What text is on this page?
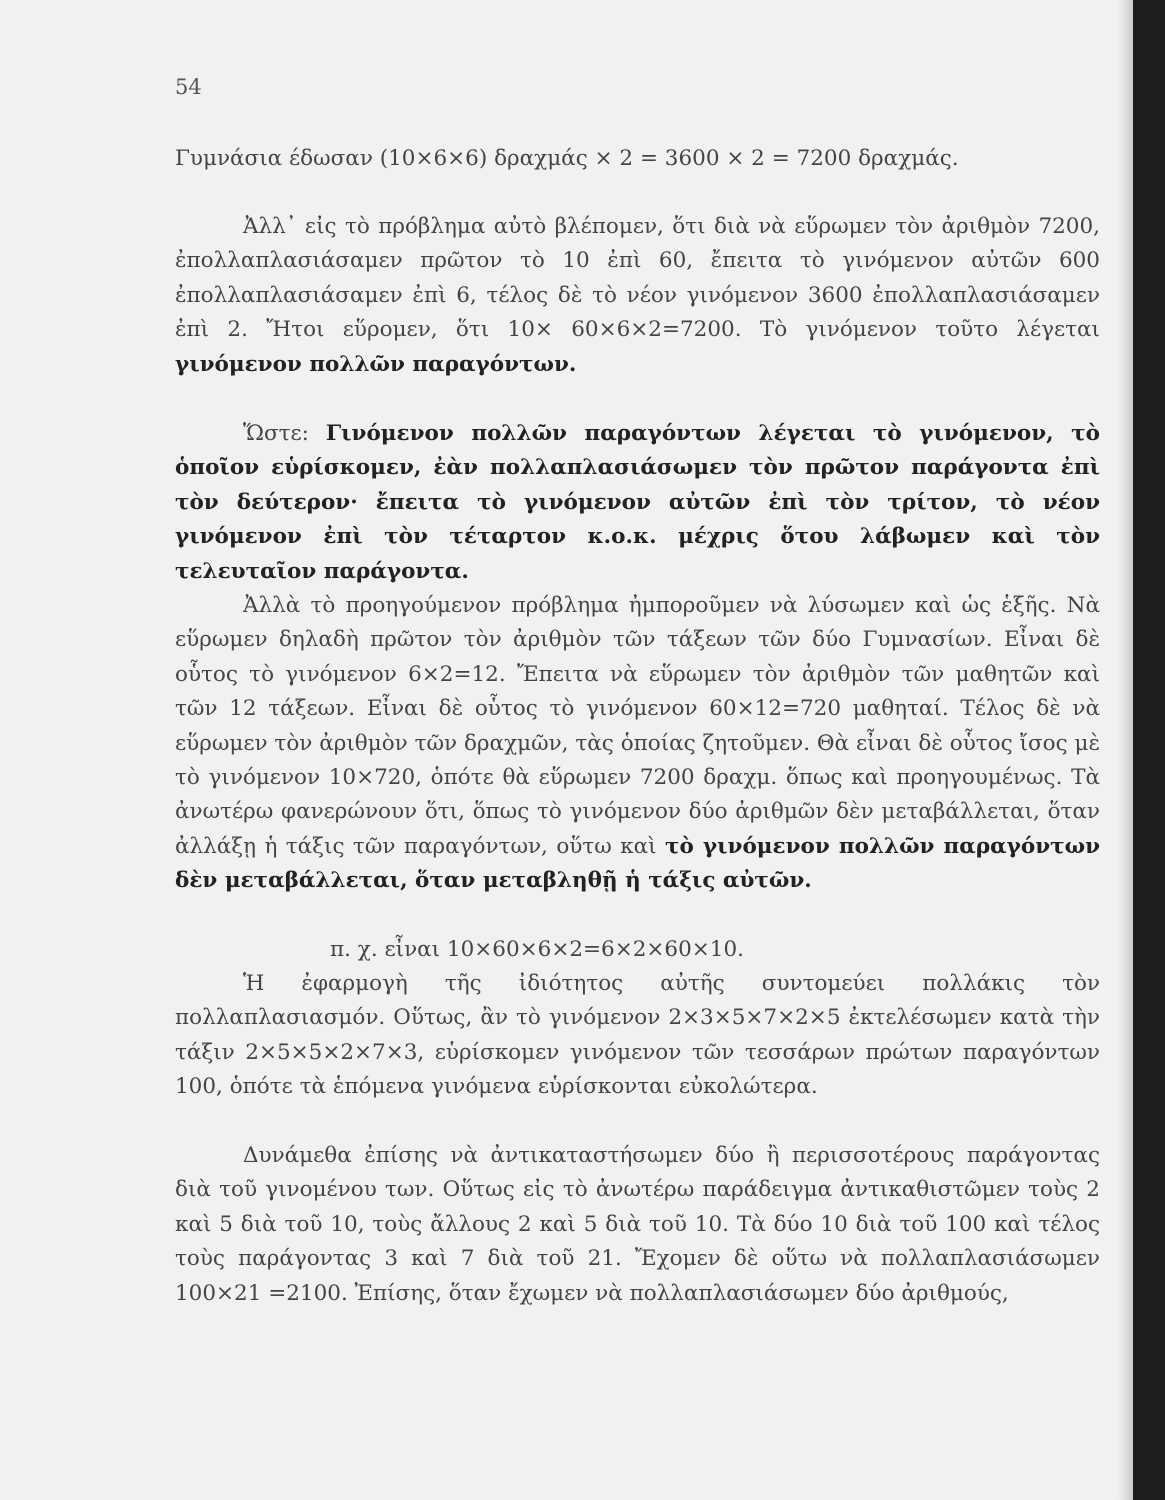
54

Γυμνάσια έδωσαν (10×6×6) δραχμάς × 2 = 3600 × 2 = 7200 δραχμάς.

Ἀλλ᾽ εἰς τὸ πρόβλημα αὐτὸ βλέπομεν, ὅτι διὰ νὰ εὕρωμεν τὸν ἀριθμὸν 7200, ἐπολλαπλασιάσαμεν πρῶτον τὸ 10 ἐπὶ 60, ἔπειτα τὸ γινόμενον αὐτῶν 600 ἐπολλαπλασιάσαμεν ἐπὶ 6, τέλος δὲ τὸ νέον γινόμενον 3600 ἐπολλαπλασιάσαμεν ἐπὶ 2. Ἤτοι εὕρομεν, ὅτι 10× 60×6×2=7200. Τὸ γινόμενον τοῦτο λέγεται γινόμενον πολλῶν παραγόντων.

Ὥστε: Γινόμενον πολλῶν παραγόντων λέγεται τὸ γινόμενον, τὸ ὁποῖον εὑρίσκομεν, ἐὰν πολλαπλασιάσωμεν τὸν πρῶτον παράγοντα ἐπὶ τὸν δεύτερον· ἔπειτα τὸ γινόμενον αὐτῶν ἐπὶ τὸν τρίτον, τὸ νέον γινόμενον ἐπὶ τὸν τέταρτον κ.ο.κ. μέχρις ὅτου λάβωμεν καὶ τὸν τελευταῖον παράγοντα.

Ἀλλὰ τὸ προηγούμενον πρόβλημα ἠμποροῦμεν νὰ λύσωμεν καὶ ὡς ἑξῆς. Νὰ εὕρωμεν δηλαδὴ πρῶτον τὸν ἀριθμὸν τῶν τάξεων τῶν δύο Γυμνασίων. Εἶναι δὲ οὗτος τὸ γινόμενον 6×2=12. Ἔπειτα νὰ εὕρωμεν τὸν ἀριθμὸν τῶν μαθητῶν καὶ τῶν 12 τάξεων. Εἶναι δὲ οὗτος τὸ γινόμενον 60×12=720 μαθηταί. Τέλος δὲ νὰ εὕρωμεν τὸν ἀριθμὸν τῶν δραχμῶν, τὰς ὁποίας ζητοῦμεν. Θὰ εἶναι δὲ οὗτος ἴσος μὲ τὸ γινόμενον 10×720, ὁπότε θὰ εὕρωμεν 7200 δραχμ. ὅπως καὶ προηγουμένως. Τὰ ἀνωτέρω φανερώνουν ὅτι, ὅπως τὸ γινόμενον δύο ἀριθμῶν δὲν μεταβάλλεται, ὅταν ἀλλάξῃ ἡ τάξις τῶν παραγόντων, οὕτω καὶ τὸ γινόμενον πολλῶν παραγόντων δὲν μεταβάλλεται, ὅταν μεταβληθῇ ἡ τάξις αὐτῶν.

π. χ. εἶναι 10×60×6×2=6×2×60×10.

Ἡ ἐφαρμογὴ τῆς ἰδιότητος αὐτῆς συντομεύει πολλάκις τὸν πολλαπλασιασμόν. Οὕτως, ἂν τὸ γινόμενον 2×3×5×7×2×5 ἐκτελέσωμεν κατὰ τὴν τάξιν 2×5×5×2×7×3, εὑρίσκομεν γινόμενον τῶν τεσσάρων πρώτων παραγόντων 100, ὁπότε τὰ ἑπόμενα γινόμενα εὑρίσκονται εὐκολώτερα.

Δυνάμεθα ἐπίσης νὰ ἀντικαταστήσωμεν δύο ἢ περισσοτέρους παράγοντας διὰ τοῦ γινομένου των. Οὕτως εἰς τὸ ἀνωτέρω παράδειγμα ἀντικαθιστῶμεν τοὺς 2 καὶ 5 διὰ τοῦ 10, τοὺς ἄλλους 2 καὶ 5 διὰ τοῦ 10. Τὰ δύο 10 διὰ τοῦ 100 καὶ τέλος τοὺς παράγοντας 3 καὶ 7 διὰ τοῦ 21. Ἔχομεν δὲ οὕτω νὰ πολλαπλασιάσωμεν 100×21 =2100. Ἐπίσης, ὅταν ἔχωμεν νὰ πολλαπλασιάσωμεν δύο ἀριθμούς,
